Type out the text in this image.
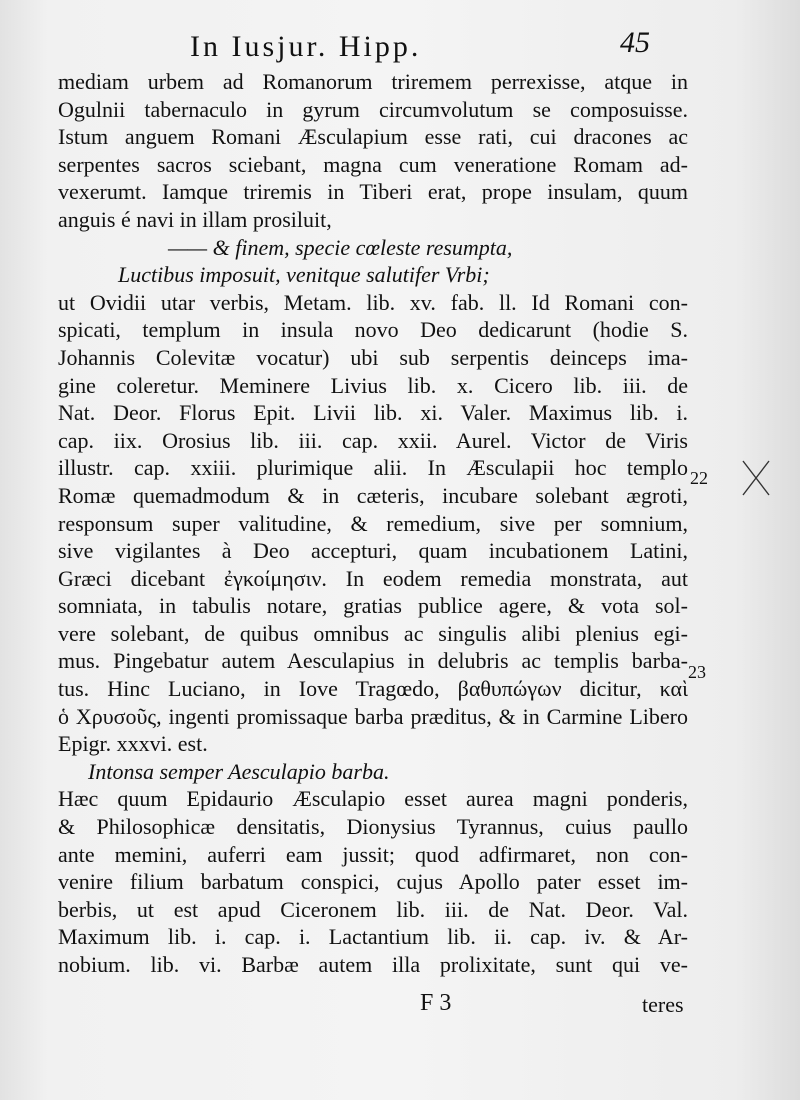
In Iusjur. Hipp.	45
mediam urbem ad Romanorum triremem perrexisse, atque in
Ogulnii tabernaculo in gyrum circumvolutum se composuisse.
Istum anguem Romani Æsculapium esse rati, cui dracones ac
serpentes sacros sciebant, magna cum veneratione Romam ad-
vexerumt. Iamque triremis in Tiberi erat, prope insulam, quum
anguis é navi in illam prosiluit,
—— & finem, specie cœleste resumpta,
Luctibus imposuit, venitque salutifer Vrbi;
ut Ovidii utar verbis, Metam. lib. xv. fab. ll. Id Romani con-
spicati, templum in insula novo Deo dedicarunt (hodie S.
Johannis Colevitæ vocatur) ubi sub serpentis deinceps ima-
gine coleretur. Meminere Livius lib. x. Cicero lib. iii. de
Nat. Deor. Florus Epit. Livii lib. xi. Valer. Maximus lib. i.
cap. iix. Orosius lib. iii. cap. xxii. Aurel. Victor de Viris
illustr. cap. xxiii. plurimique alii. In Æsculapii hoc templo
Romæ quemadmodum & in cæteris, incubare solebant ægroti,
responsum super valitudine, & remedium, sive per somnium,
sive vigilantes à Deo accepturi, quam incubationem Latini,
Græci dicebant ἐγκοίμησιν. In eodem remedia monstrata, aut
somniata, in tabulis notare, gratias publice agere, & vota sol-
vere solebant, de quibus omnibus ac singulis alibi plenius egi-
mus. Pingebatur autem Aesculapius in delubris ac templis barba-
tus. Hinc Luciano, in Iove Tragœdo, βαθυπώγων dicitur, καὶ
ὁ Χρυσοῦς, ingenti promissaque barba præditus, & in Carmine Libero
Epigr. xxxvi. est.
Intonsa semper Aesculapio barba.
Hæc quum Epidaurio Æsculapio esset aurea magni ponderis,
& Philosophicæ densitatis, Dionysius Tyrannus, cuius paullo
ante memini, auferri eam jussit; quod adfirmaret, non con-
venire filium barbatum conspici, cujus Apollo pater esset im-
berbis, ut est apud Ciceronem lib. iii. de Nat. Deor. Val.
Maximum lib. i. cap. i. Lactantium lib. ii. cap. iv. & Ar-
nobium. lib. vi. Barbæ autem illa prolixitate, sunt qui ve-
22
23
F 3	teres
